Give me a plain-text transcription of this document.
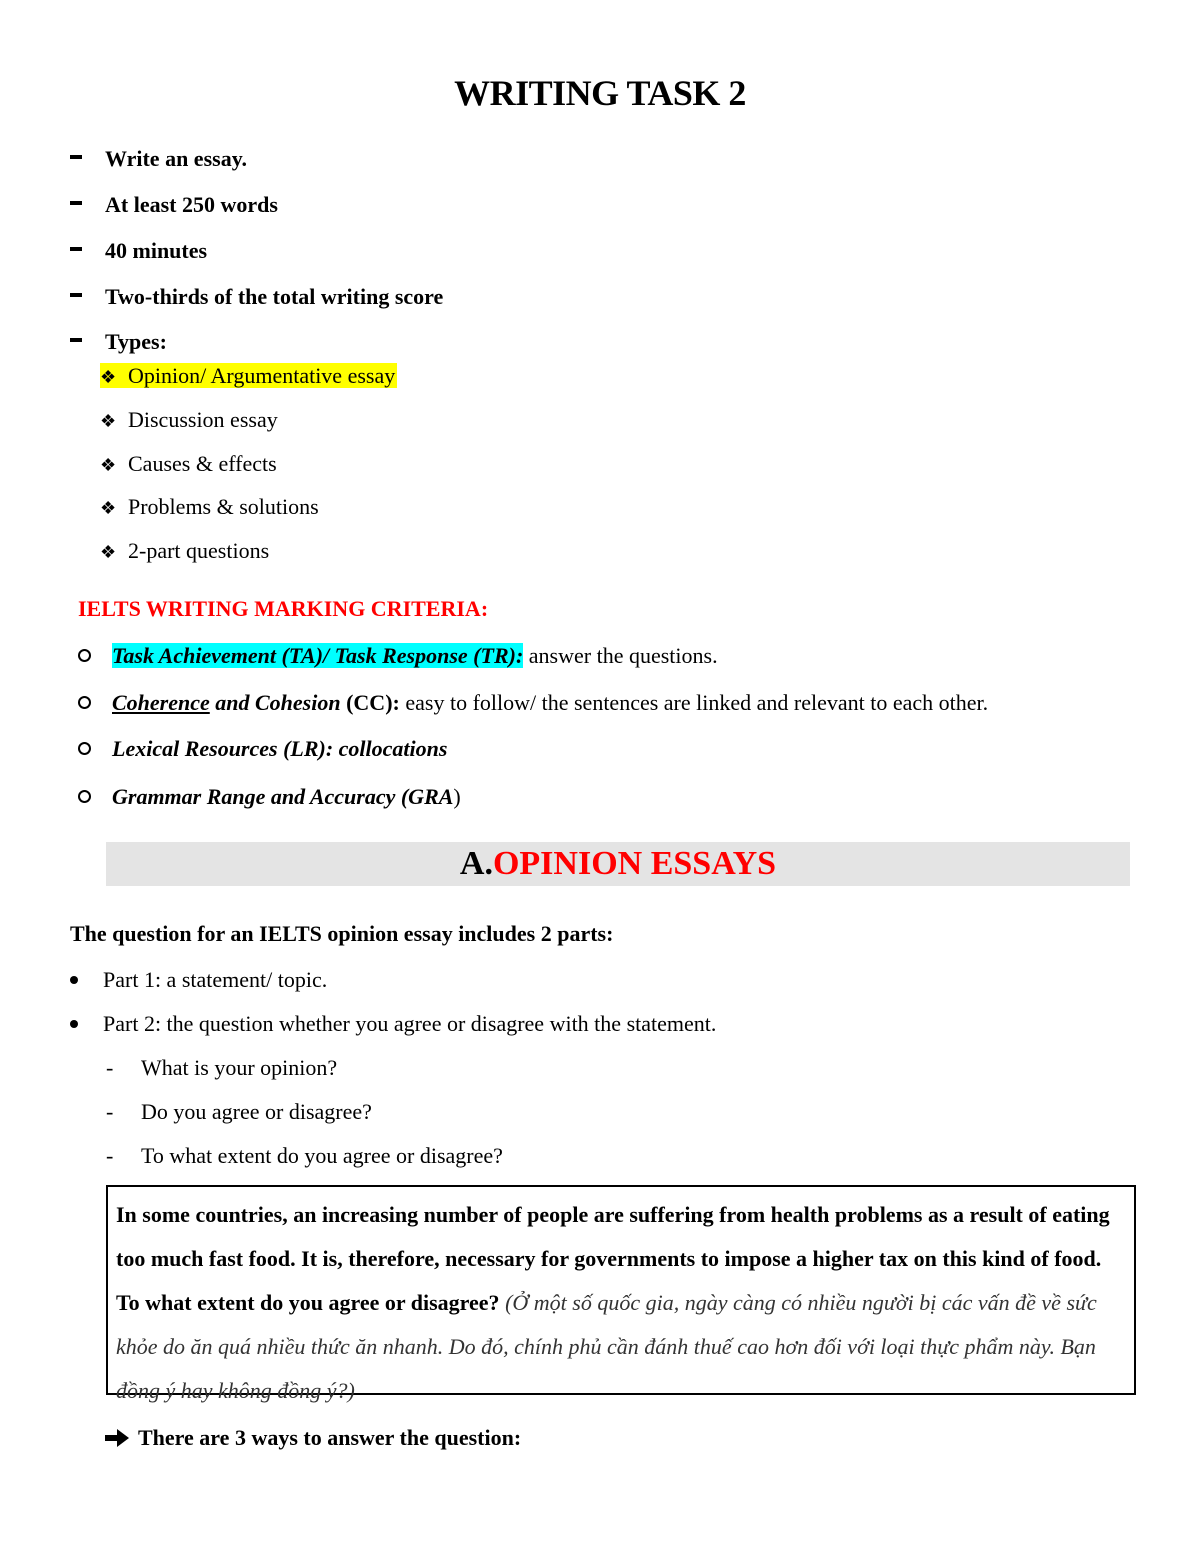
WRITING TASK 2
Write an essay.
At least 250 words
40 minutes
Two-thirds of the total writing score
Types:
❖ Opinion/ Argumentative essay
❖ Discussion essay
❖ Causes & effects
❖ Problems & solutions
❖ 2-part questions
IELTS WRITING MARKING CRITERIA:
Task Achievement (TA)/ Task Response (TR): answer the questions.
Coherence and Cohesion (CC): easy to follow/ the sentences are linked and relevant to each other.
Lexical Resources (LR): collocations
Grammar Range and Accuracy (GRA)
A.OPINION ESSAYS
The question for an IELTS opinion essay includes 2 parts:
Part 1: a statement/ topic.
Part 2: the question whether you agree or disagree with the statement.
- What is your opinion?
- Do you agree or disagree?
- To what extent do you agree or disagree?
In some countries, an increasing number of people are suffering from health problems as a result of eating too much fast food. It is, therefore, necessary for governments to impose a higher tax on this kind of food. To what extent do you agree or disagree? (Ở một số quốc gia, ngày càng có nhiều người bị các vấn đề về sức khỏe do ăn quá nhiều thức ăn nhanh. Do đó, chính phủ cần đánh thuế cao hơn đối với loại thực phẩm này. Bạn đồng ý hay không đồng ý?)
There are 3 ways to answer the question:
